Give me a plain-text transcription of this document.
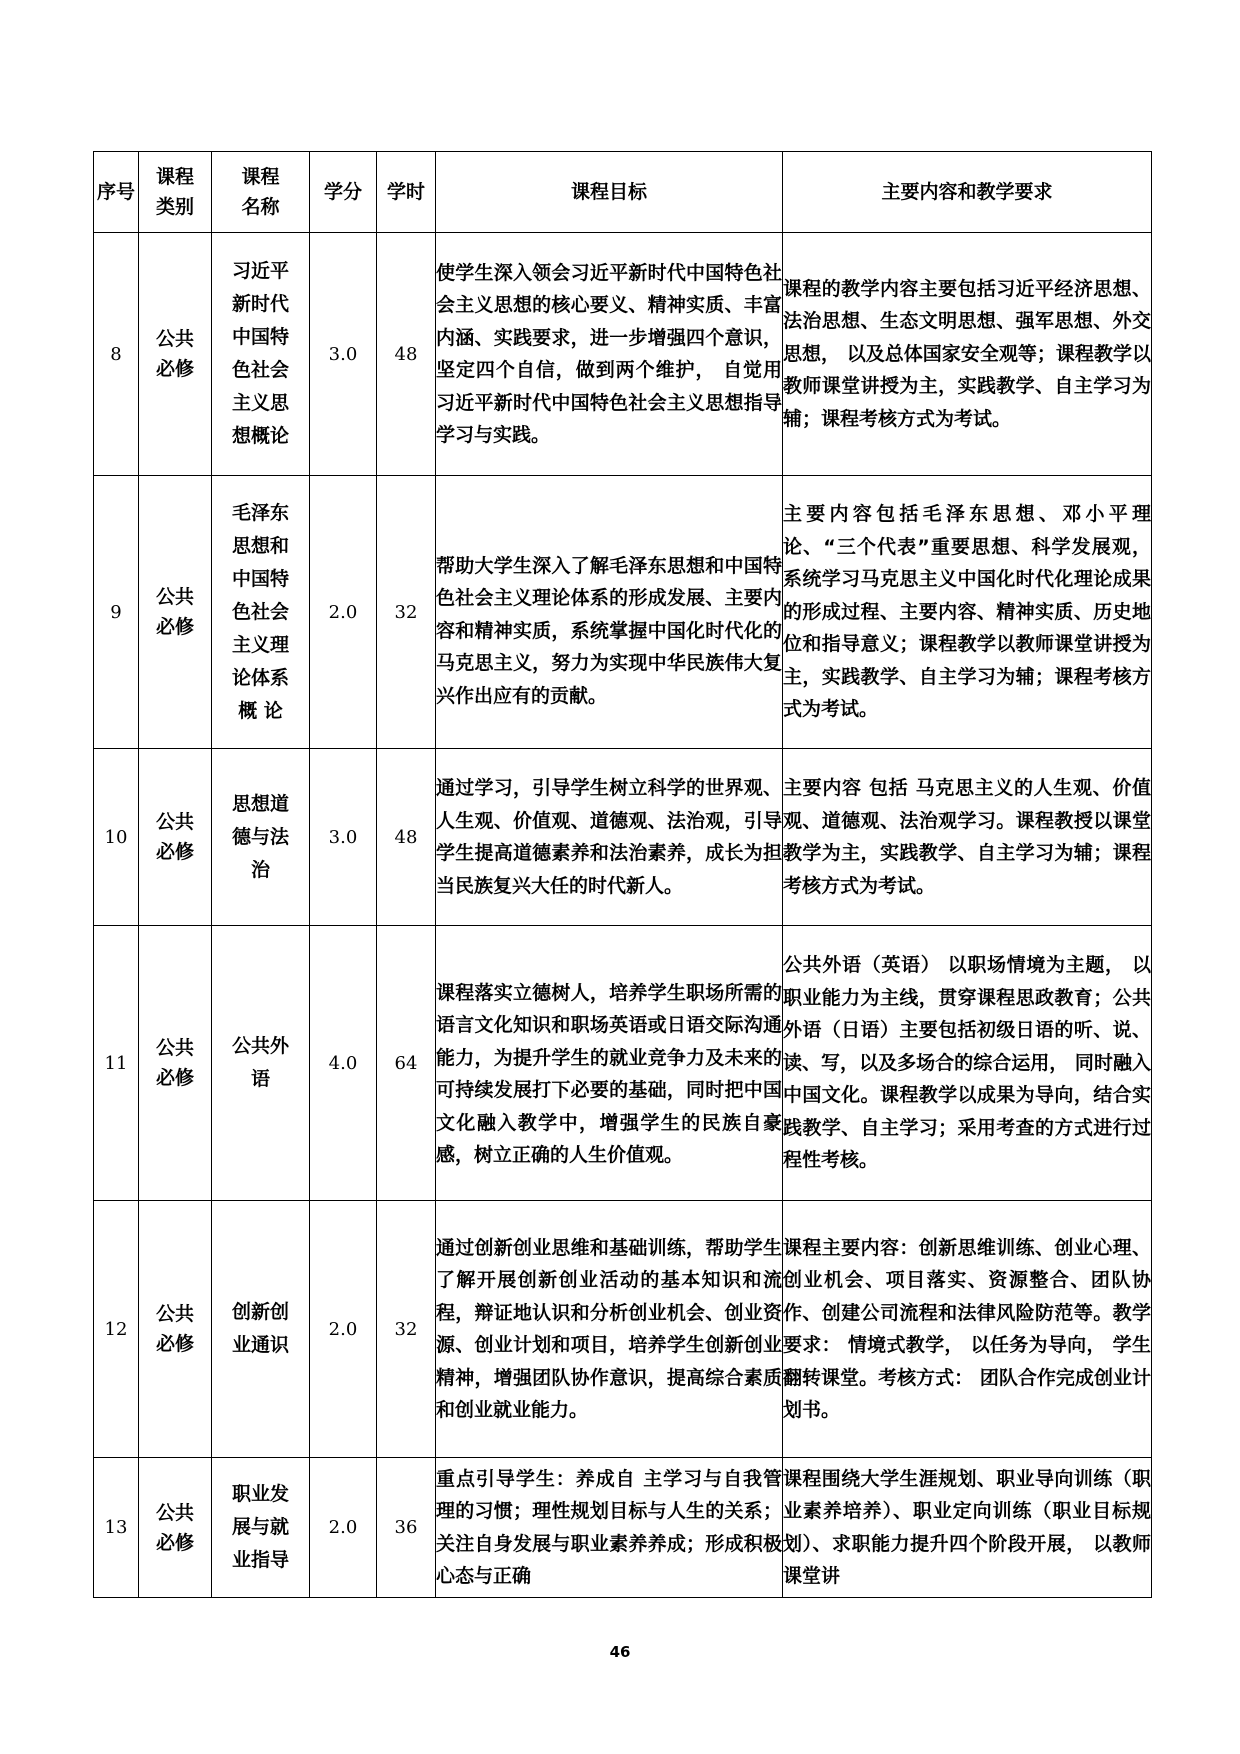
序号	课程类别	课程名称	学分	学时	课程目标	主要内容和教学要求
8	公共必修	习近平新时代中国特色社会主义思想概论	3.0	48	使学生深入领会习近平新时代中国特色社会主义思想的核心要义、精神实质、丰富内涵、实践要求，进一步增强四个意识，坚定四个自信，做到两个维护， 自觉用习近平新时代中国特色社会主义思想指导学习与实践。	课程的教学内容主要包括习近平经济思想、法治思想、生态文明思想、强军思想、外交思想， 以及总体国家安全观等；课程教学以教师课堂讲授为主，实践教学、自主学习为辅；课程考核方式为考试。
9	公共必修	毛泽东思想和中国特色社会主义理论体系概 论	2.0	32	帮助大学生深入了解毛泽东思想和中国特色社会主义理论体系的形成发展、主要内容和精神实质，系统掌握中国化时代化的马克思主义，努力为实现中华民族伟大复兴作出应有的贡献。	主要内容包括毛泽东思想、邓小平理论、“三个代表”重要思想、科学发展观， 系统学习马克思主义中国化时代化理论成果的形成过程、主要内容、精神实质、历史地位和指导意义；课程教学以教师课堂讲授为主，实践教学、自主学习为辅；课程考核方式为考试。
10	公共必修	思想道德与法治	3.0	48	通过学习，引导学生树立科学的世界观、人生观、价值观、道德观、法治观，引导学生提高道德素养和法治素养，成长为担当民族复兴大任的时代新人。	主要内容 包括 马克思主义的人生观、价值观、道德观、法治观学习。课程教授以课堂教学为主，实践教学、自主学习为辅；课程考核方式为考试。
11	公共必修	公共外语	4.0	64	课程落实立德树人，培养学生职场所需的语言文化知识和职场英语或日语交际沟通能力，为提升学生的就业竞争力及未来的可持续发展打下必要的基础，同时把中国文化融入教学中，增强学生的民族自豪感，树立正确的人生价值观。	公共外语（英语） 以职场情境为主题， 以职业能力为主线，贯穿课程思政教育；公共外语（日语）主要包括初级日语的听、说、读、写，以及多场合的综合运用， 同时融入中国文化。课程教学以成果为导向，结合实践教学、自主学习；采用考查的方式进行过程性考核。
12	公共必修	创新创业通识	2.0	32	通过创新创业思维和基础训练，帮助学生了解开展创新创业活动的基本知识和流程，辩证地认识和分析创业机会、创业资源、创业计划和项目，培养学生创新创业精神，增强团队协作意识，提高综合素质和创业就业能力。	课程主要内容：创新思维训练、创业心理、创业机会、项目落实、资源整合、团队协作、创建公司流程和法律风险防范等。教学要求： 情境式教学， 以任务为导向， 学生翻转课堂。考核方式： 团队合作完成创业计划书。
13	公共必修	职业发展与就业指导	2.0	36	重点引导学生：养成自 主学习与自我管理的习惯；理性规划目标与人生的关系； 关注自身发展与职业素养养成；形成积极心态与正确	课程围绕大学生涯规划、职业导向训练（职业素养培养）、职业定向训练（职业目标规划）、求职能力提升四个阶段开展， 以教师课堂讲
46
